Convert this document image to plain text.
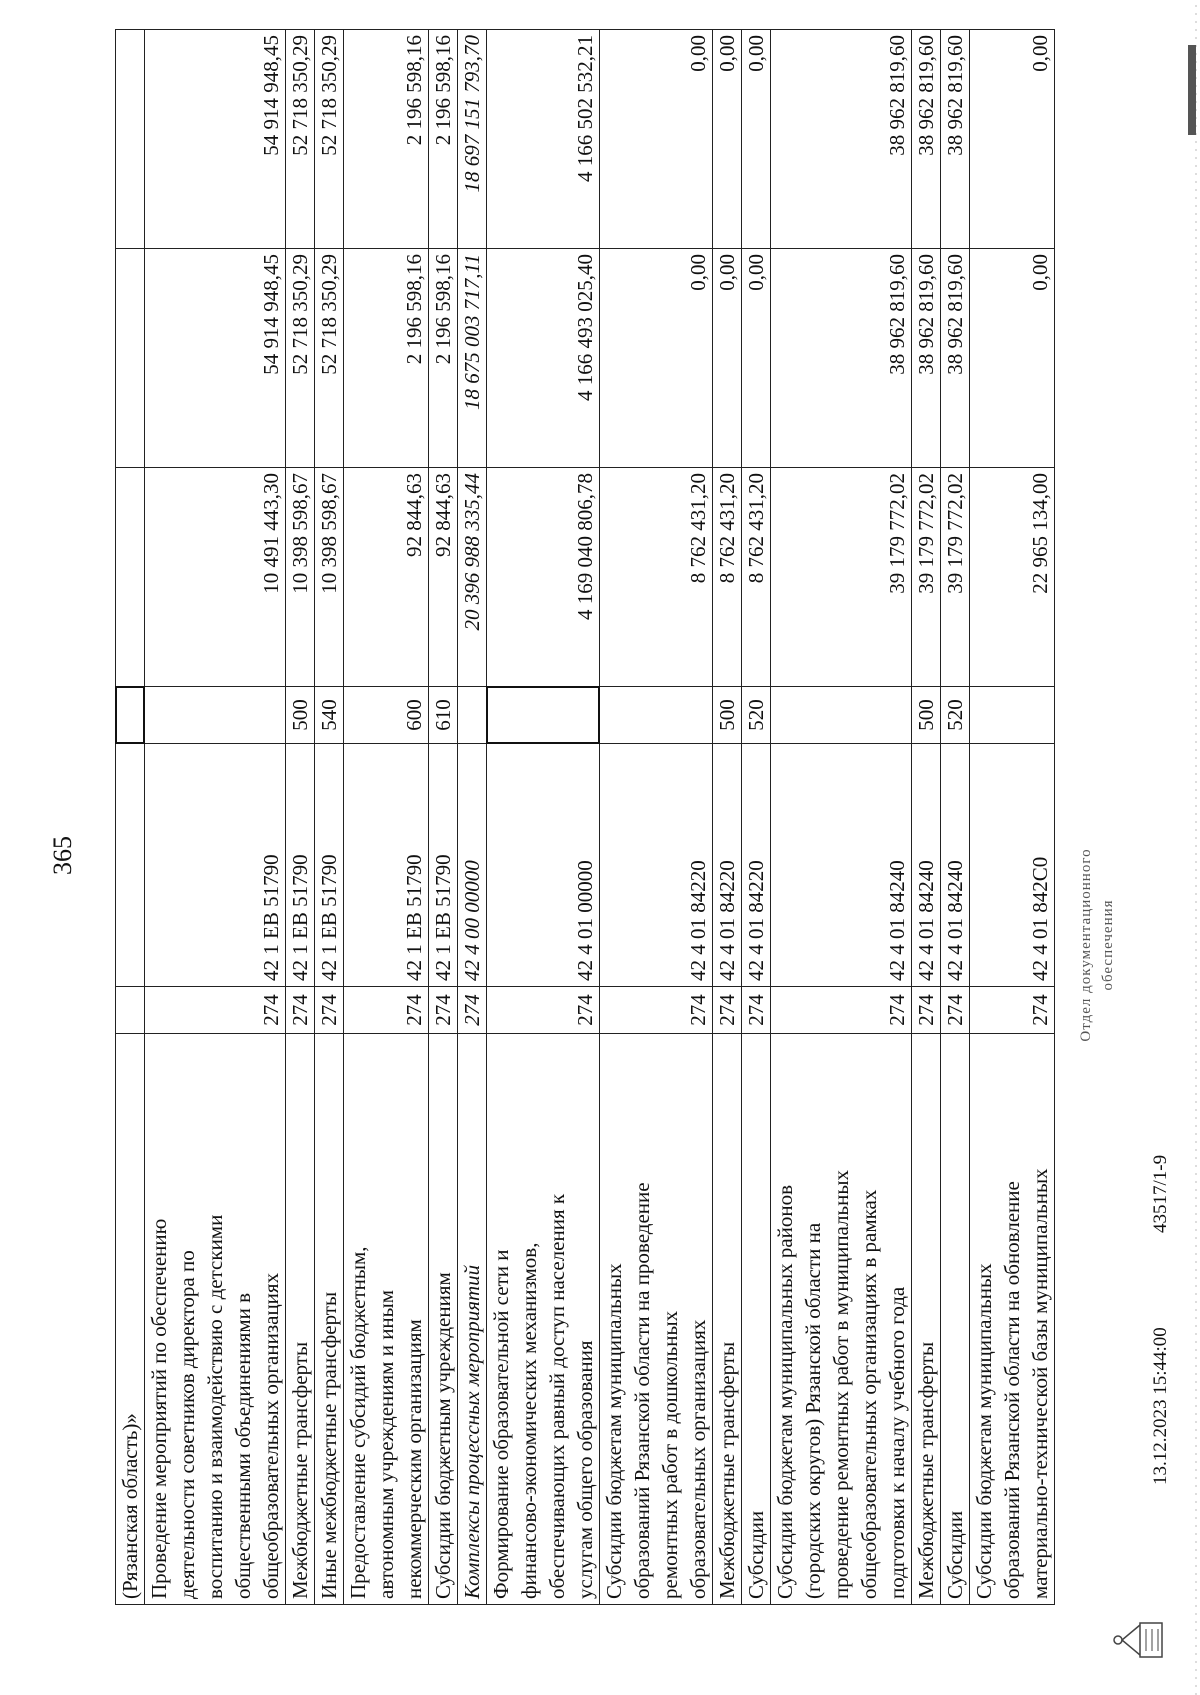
365
(Рязанская область)»						

Проведение мероприятий по обеспечению деятельности советников директора по воспитанию и взаимодействию с детскими общественными объединениями в общеобразовательных организациях	274	42 1 ЕВ 51790		10 491 443,30	54 914 948,45	54 914 948,45

Межбюджетные трансферты	274	42 1 ЕВ 51790	500	10 398 598,67	52 718 350,29	52 718 350,29

Иные межбюджетные трансферты	274	42 1 ЕВ 51790	540	10 398 598,67	52 718 350,29	52 718 350,29

Предоставление субсидий бюджетным, автономным учреждениям и иным некоммерческим организациям	274	42 1 ЕВ 51790	600	92 844,63	2 196 598,16	2 196 598,16

Субсидии бюджетным учреждениям	274	42 1 ЕВ 51790	610	92 844,63	2 196 598,16	2 196 598,16

Комплексы процессных мероприятий	274	42 4 00 00000		20 396 988 335,44	18 675 003 717,11	18 697 151 793,70

Формирование образовательной сети и финансово-экономических механизмов, обеспечивающих равный доступ населения к услугам общего образования	274	42 4 01 00000		4 169 040 806,78	4 166 493 025,40	4 166 502 532,21

Субсидии бюджетам муниципальных образований Рязанской области на проведение ремонтных работ в дошкольных образовательных организациях	274	42 4 01 84220		8 762 431,20	0,00	0,00

Межбюджетные трансферты	274	42 4 01 84220	500	8 762 431,20	0,00	0,00

Субсидии	274	42 4 01 84220	520	8 762 431,20	0,00	0,00

Субсидии бюджетам муниципальных районов (городских округов) Рязанской области на проведение ремонтных работ в муниципальных общеобразовательных организациях в рамках подготовки к началу учебного года	274	42 4 01 84240		39 179 772,02	38 962 819,60	38 962 819,60

Межбюджетные трансферты	274	42 4 01 84240	500	39 179 772,02	38 962 819,60	38 962 819,60

Субсидии	274	42 4 01 84240	520	39 179 772,02	38 962 819,60	38 962 819,60

Субсидии бюджетам муниципальных образований Рязанской области на обновление материально-технической базы муниципальных	274	42 4 01 842С0		22 965 134,00	0,00	0,00
13.12.2023 15:44:00
43517/1-9
Отдел документационного обеспечения
